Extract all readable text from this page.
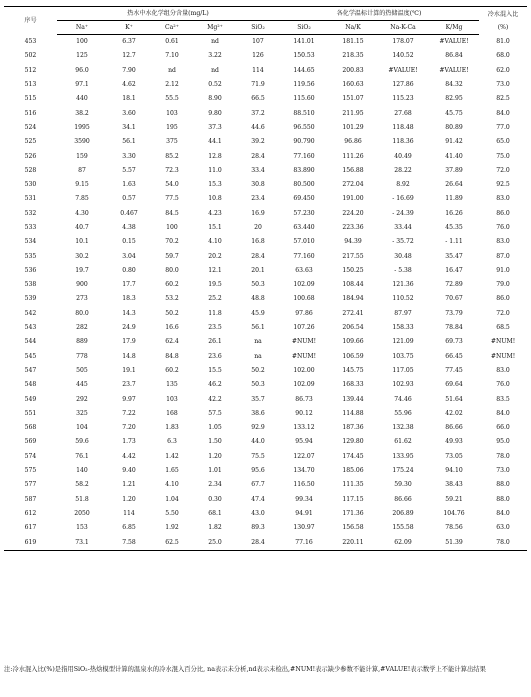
序号	热水中水化学组分含量(mg/L)					各化学温标计算的热储温度(℃)				冷水混入比
(%)

	Na⁺	K⁺	Ca²⁺	Mg²⁺	SiO₂	SiO₂	Na/K	Na-K-Ca	K/Mg	
453	100	6.37	0.61	nd	107	141.01	181.15	178.07	#VALUE!	81.0
502	125	12.7	7.10	3.22	126	150.53	218.35	140.52	86.84	68.0
512	96.0	7.90	nd	nd	114	144.65	200.83	#VALUE!	#VALUE!	62.0
513	97.1	4.62	2.12	0.52	71.9	119.56	160.63	127.86	84.32	73.0
515	440	18.1	55.5	8.90	66.5	115.60	151.07	115.23	82.95	82.5
516	38.2	3.60	103	9.80	37.2	88.510	211.95	27.68	45.75	84.0
524	1995	34.1	195	37.3	44.6	96.550	101.29	118.48	80.89	77.0
525	3590	56.1	375	44.1	39.2	90.790	96.86	118.36	91.42	65.0
526	159	3.30	85.2	12.8	28.4	77.160	111.26	40.49	41.40	75.0
528	87	5.57	72.3	11.0	33.4	83.890	156.88	28.22	37.89	72.0
530	9.15	1.63	54.0	15.3	30.8	80.500	272.04	8.92	26.64	92.5
531	7.85	0.57	77.5	10.8	23.4	69.450	191.00	- 16.69	11.89	83.0
532	4.30	0.467	84.5	4.23	16.9	57.230	224.20	- 24.39	16.26	86.0
533	40.7	4.38	100	15.1	20	63.440	223.36	33.44	45.35	76.0
534	10.1	0.15	70.2	4.10	16.8	57.010	94.39	- 35.72	- 1.11	83.0
535	30.2	3.04	59.7	20.2	28.4	77.160	217.55	30.48	35.47	87.0
536	19.7	0.80	80.0	12.1	20.1	63.63	150.25	- 5.38	16.47	91.0
538	900	17.7	60.2	19.5	50.3	102.09	108.44	121.36	72.89	79.0
539	273	18.3	53.2	25.2	48.8	100.68	184.94	110.52	70.67	86.0
542	80.0	14.3	50.2	11.8	45.9	97.86	272.41	87.97	73.79	72.0
543	282	24.9	16.6	23.5	56.1	107.26	206.54	158.33	78.84	68.5
544	889	17.9	62.4	26.1	na	#NUM!	109.66	121.09	69.73	#NUM!
545	778	14.8	84.8	23.6	na	#NUM!	106.59	103.75	66.45	#NUM!
547	505	19.1	60.2	15.5	50.2	102.00	145.75	117.05	77.45	83.0
548	445	23.7	135	46.2	50.3	102.09	168.33	102.93	69.64	76.0
549	292	9.97	103	42.2	35.7	86.73	139.44	74.46	51.64	83.5
551	325	7.22	168	57.5	38.6	90.12	114.88	55.96	42.02	84.0
568	104	7.20	1.83	1.05	92.9	133.12	187.36	132.38	86.66	66.0
569	59.6	1.73	6.3	1.50	44.0	95.94	129.80	61.62	49.93	95.0
574	76.1	4.42	1.42	1.20	75.5	122.07	174.45	133.95	73.05	78.0
575	140	9.40	1.65	1.01	95.6	134.70	185.06	175.24	94.10	73.0
577	58.2	1.21	4.10	2.34	67.7	116.50	111.35	59.30	38.43	88.0
587	51.8	1.20	1.04	0.30	47.4	99.34	117.15	86.66	59.21	88.0
612	2050	114	5.50	68.1	43.0	94.91	171.36	206.89	104.76	84.0
617	153	6.85	1.92	1.82	89.3	130.97	156.58	155.58	78.56	63.0
619	73.1	7.58	62.5	25.0	28.4	77.16	220.11	62.09	51.39	78.0
注:冷水混入比(%)是指用SiO₂-热焓模型计算的温泉水的冷水混入百分比, na表示未分析,nd表示未检出,#NUM!表示缺少参数不能计算,#VALUE!表示数学上不能计算出结果
